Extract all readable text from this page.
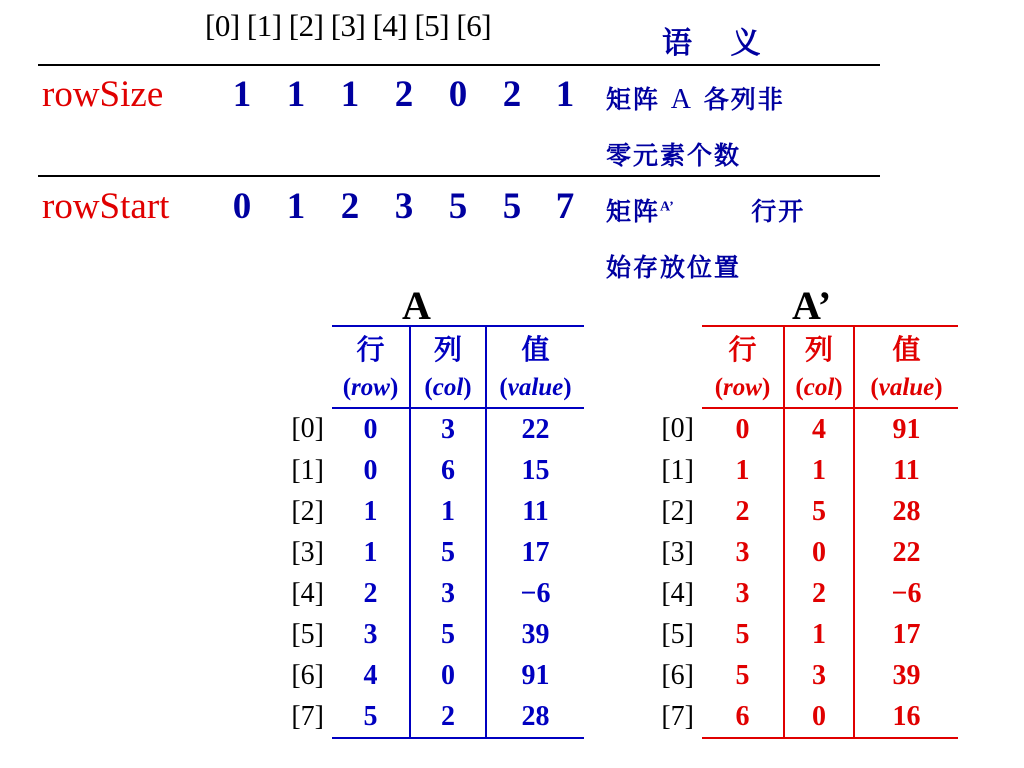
[0] [1] [2] [3] [4] [5] [6]
语 义
rowSize 1 1 1 2 0 2 1	矩阵 A 各列非
零元素个数
rowStart 0 1 2 3 5 5 7	矩阵$^{A’}$	行开
始存放位置
A	A’
	行	列	值
	(row)	(col)	(value)
[0]	0	3	22
[1]	0	6	15
[2]	1	1	11
[3]	1	5	17
[4]	2	3	−6
[5]	3	5	39
[6]	4	0	91
[7]	5	2	28
	行	列	值
	(row)	(col)	(value)
[0]	0	4	91
[1]	1	1	11
[2]	2	5	28
[3]	3	0	22
[4]	3	2	−6
[5]	5	1	17
[6]	5	3	39
[7]	6	0	16
